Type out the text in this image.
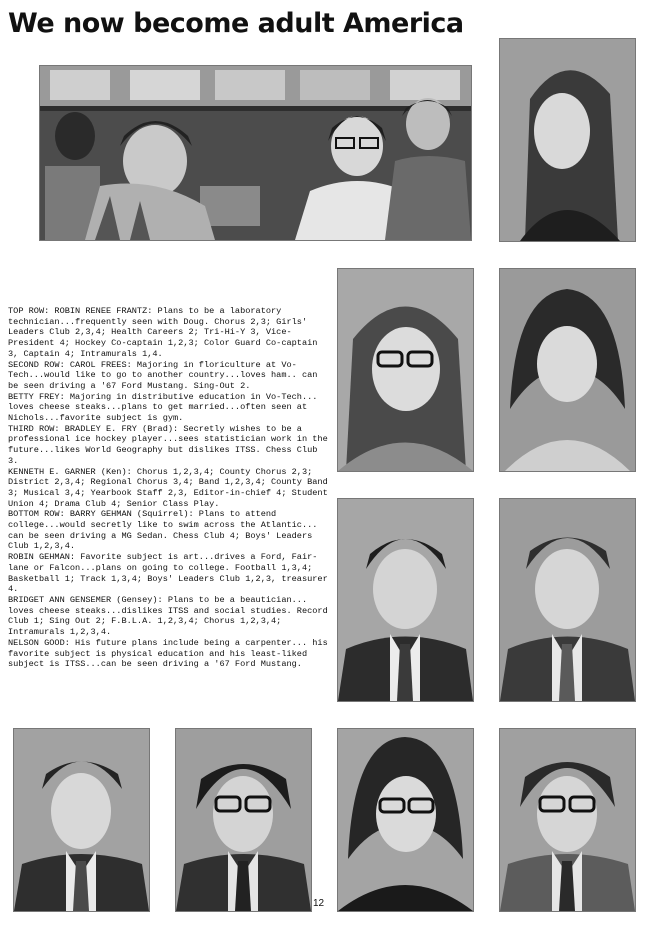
We now become adult America

TOP ROW: ROBIN RENEE FRANTZ: Plans to be a laboratory technician...frequently seen with Doug. Chorus 2,3; Girls' Leaders Club 2,3,4; Health Careers 2; Tri-Hi-Y 3, Vice-President 4; Hockey Co-captain 1,2,3; Color Guard Co-captain 3, Captain 4; Intramurals 1,4.

SECOND ROW: CAROL FREES: Majoring in floriculture at Vo-Tech...would like to go to another country...loves ham.. can be seen driving a '67 Ford Mustang. Sing-Out 2.

BETTY FREY: Majoring in distributive education in Vo-Tech... loves cheese steaks...plans to get married...often seen at Nichols...favorite subject is gym.

THIRD ROW: BRADLEY E. FRY (Brad): Secretly wishes to be a professional ice hockey player...sees statistician work in the future...likes World Geography but dislikes ITSS. Chess Club 3.

KENNETH E. GARNER (Ken): Chorus 1,2,3,4; County Chorus 2,3; District 2,3,4; Regional Chorus 3,4; Band 1,2,3,4; County Band 3; Musical 3,4; Yearbook Staff 2,3, Editor-in-chief 4; Student Union 4; Drama Club 4; Senior Class Play.

BOTTOM ROW: BARRY GEHMAN (Squirrel): Plans to attend college...would secretly like to swim across the Atlantic... can be seen driving a MG Sedan. Chess Club 4; Boys' Leaders Club 1,2,3,4.

ROBIN GEHMAN: Favorite subject is art...drives a Ford, Fair-lane or Falcon...plans on going to college. Football 1,3,4; Basketball 1; Track 1,3,4; Boys' Leaders Club 1,2,3, treasurer 4.

BRIDGET ANN GENSEMER (Gensey): Plans to be a beautician... loves cheese steaks...dislikes ITSS and social studies. Record Club 1; Sing Out 2; F.B.L.A. 1,2,3,4; Chorus 1,2,3,4; Intramurals 1,2,3,4.

NELSON GOOD: His future plans include being a carpenter... his favorite subject is physical education and his least-liked subject is ITSS...can be seen driving a '67 Ford Mustang.

12
